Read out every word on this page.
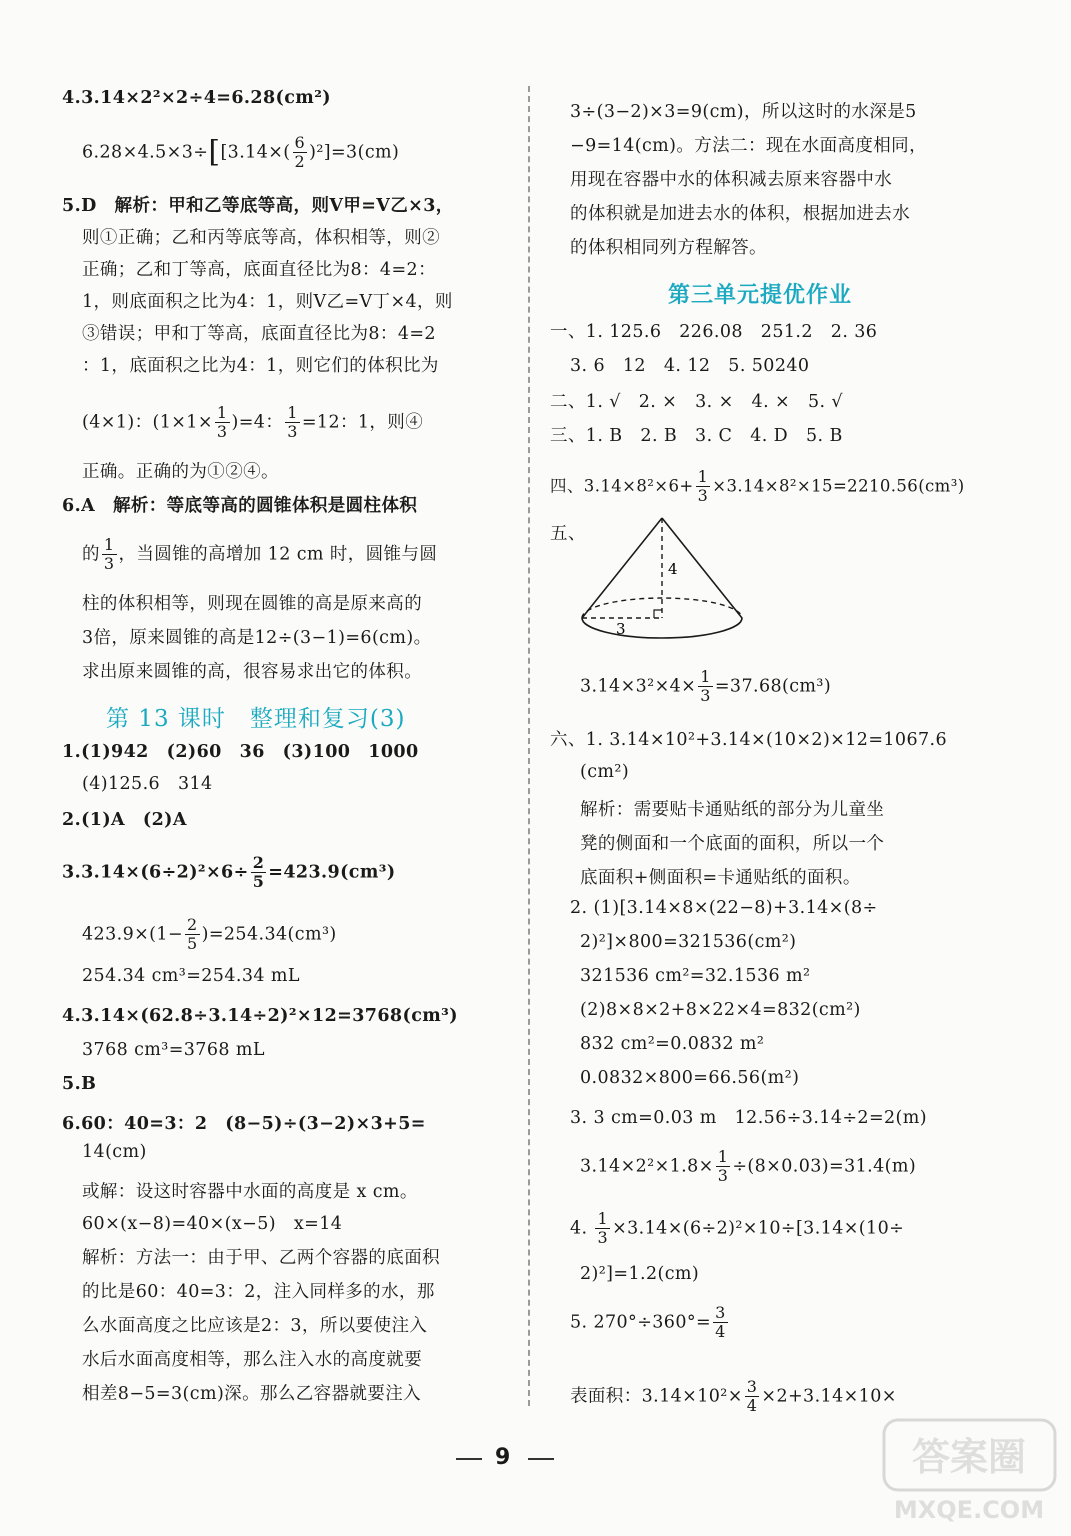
4.3.14×2²×2÷4=6.28(cm²)
$6.28\times 4.5\times 3\div[[3.14\times( \frac{6}{2} )^2]=3(cm)$
5.D　解析：甲和乙等底等高，则V甲=V乙×3，
则①正确；乙和丙等底等高，体积相等，则②
正确；乙和丁等高，底面直径比为8：4=2：
1，则底面积之比为4：1，则V乙=V丁×4，则
③错误；甲和丁等高，底面直径比为8：4=2
：1，底面积之比为4：1，则它们的体积比为
(4×1)：$(1\times 1\times \frac{1}{3} )=4$： $\frac{1}{3} =12$：1，则④
正确。正确的为①②④。
6.A　解析：等底等高的圆锥体积是圆柱体积
的 $\frac{1}{3}$ ，当圆锥的高增加 12 cm 时，圆锥与圆
柱的体积相等，则现在圆锥的高是原来高的
3倍，原来圆锥的高是12÷(3−1)=6(cm)。
求出原来圆锥的高，很容易求出它的体积。
第 13 课时　整理和复习(3)
1.(1)942　(2)60　36　(3)100　1000
(4)125.6　314
2.(1)A　(2)A
$3.3.14\times(6\div 2)^2\times 6\div \frac{2}{5} =423.9(cm^3)$
$423.9\times(1- \frac{2}{5} )=254.34(cm^3)$
254.34 cm³=254.34 mL
4.3.14×(62.8÷3.14÷2)²×12=3768(cm³)
3768 cm³=3768 mL
5.B
6.60：40=3：2　(8−5)÷(3−2)×3+5=
14(cm)
或解：设这时容器中水面的高度是 x cm。
60×(x−8)=40×(x−5)　x=14
解析：方法一：由于甲、乙两个容器的底面积
的比是60：40=3：2，注入同样多的水，那
么水面高度之比应该是2：3，所以要使注入
水后水面高度相等，那么注入水的高度就要
相差8−5=3(cm)深。那么乙容器就要注入
3÷(3−2)×3=9(cm)，所以这时的水深是5
−9=14(cm)。方法二：现在水面高度相同，
用现在容器中水的体积减去原来容器中水
的体积就是加进去水的体积，根据加进去水
的体积相同列方程解答。
第三单元提优作业
一、1. 125.6　226.08　251.2　2. 36
3. 6　12　4. 12　5. 50240
二、1. √　2. ×　3. ×　4. ×　5. √
三、1. B　2. B　3. C　4. D　5. B
四、$3.14\times 8^2\times 6+ \frac{1}{3} \times 3.14\times 8^2\times 15=2210.56(cm^3)$
五、
4
3
$3.14\times 3^2\times 4\times \frac{1}{3} =37.68(cm^3)$
六、1. 3.14×10²+3.14×(10×2)×12=1067.6
(cm²)
解析：需要贴卡通贴纸的部分为儿童坐
凳的侧面和一个底面的面积，所以一个
底面积+侧面积=卡通贴纸的面积。
2. (1)[3.14×8×(22−8)+3.14×(8÷
2)²]×800=321536(cm²)
321536 cm²=32.1536 m²
(2)8×8×2+8×22×4=832(cm²)
832 cm²=0.0832 m²
0.0832×800=66.56(m²)
3. 3 cm=0.03 m　12.56÷3.14÷2=2(m)
$3.14\times 2^2\times 1.8\times \frac{1}{3} \div(8\times 0.03)=31.4(m)$
4. $\frac{1}{3} \times 3.14\times(6\div 2)^2\times 10\div[3.14\times(10\div$
2)²]=1.2(cm)
5. $270^\circ\div 360^\circ= \frac{3}{4}$
表面积：$3.14\times 10^2\times \frac{3}{4} \times 2+3.14\times 10\times$
9	答案圈
MXQE.COM
